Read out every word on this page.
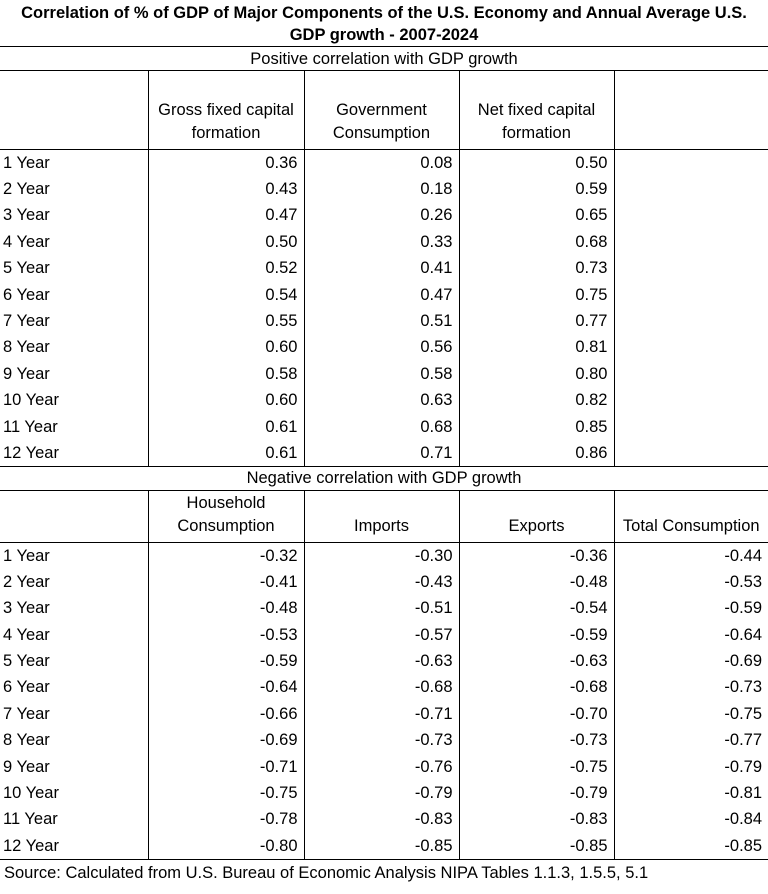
Correlation of % of GDP of Major Components of the U.S. Economy and Annual Average U.S. GDP growth - 2007-2024
Positive correlation with GDP growth				
	Gross fixed capital formation	Government Consumption	Net fixed capital formation	
1 Year	0.36	0.08	0.50	
2 Year	0.43	0.18	0.59	
3 Year	0.47	0.26	0.65	
4 Year	0.50	0.33	0.68	
5 Year	0.52	0.41	0.73	
6 Year	0.54	0.47	0.75	
7 Year	0.55	0.51	0.77	
8 Year	0.60	0.56	0.81	
9 Year	0.58	0.58	0.80	
10 Year	0.60	0.63	0.82	
11 Year	0.61	0.68	0.85	
12 Year	0.61	0.71	0.86	
Negative correlation with GDP growth				
	Household Consumption	Imports	Exports	Total Consumption
1 Year	-0.32	-0.30	-0.36	-0.44
2 Year	-0.41	-0.43	-0.48	-0.53
3 Year	-0.48	-0.51	-0.54	-0.59
4 Year	-0.53	-0.57	-0.59	-0.64
5 Year	-0.59	-0.63	-0.63	-0.69
6 Year	-0.64	-0.68	-0.68	-0.73
7 Year	-0.66	-0.71	-0.70	-0.75
8 Year	-0.69	-0.73	-0.73	-0.77
9 Year	-0.71	-0.76	-0.75	-0.79
10 Year	-0.75	-0.79	-0.79	-0.81
11 Year	-0.78	-0.83	-0.83	-0.84
12 Year	-0.80	-0.85	-0.85	-0.85
Source: Calculated from U.S. Bureau of Economic Analysis NIPA Tables 1.1.3, 1.5.5, 5.1
